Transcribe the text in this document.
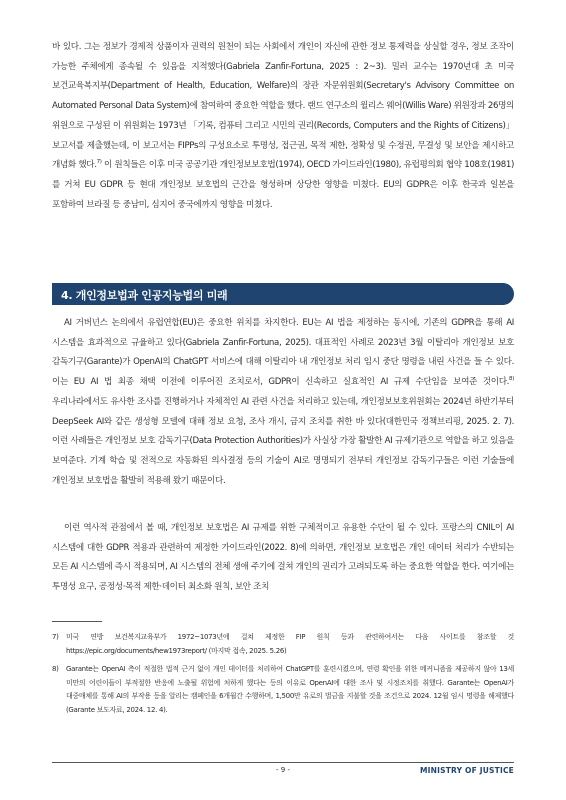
바 있다. 그는 정보가 경제적 상품이자 권력의 원천이 되는 사회에서 개인이 자신에 관한 정보 통제력을 상실할 경우, 정보 조작이 가능한 주체에게 종속될 수 있음을 지적했다(Gabriela Zanfir-Fortuna, 2025 : 2~3). 밀러 교수는 1970년대 초 미국 보건교육복지부(Department of Health, Education, Welfare)의 장관 자문위원회(Secretary's Advisory Committee on Automated Personal Data System)에 참여하여 중요한 역할을 했다. 랜드 연구소의 윌리스 웨어(Willis Ware) 위원장과 26명의 위원으로 구성된 이 위원회는 1973년 「기록, 컴퓨터 그리고 시민의 권리(Records, Computers and the Rights of Citizens)」 보고서를 제출했는데, 이 보고서는 FIPPs의 구성요소로 투명성, 접근권, 목적 제한, 정확성 및 수정권, 무결성 및 보안을 제시하고 개념화 했다.$^{7)}$ 이 원칙들은 이후 미국 공공기관 개인정보보호법(1974), OECD 가이드라인(1980), 유럽평의회 협약 108호(1981)를 거쳐 EU GDPR 등 현대 개인정보 보호법의 근간을 형성하며 상당한 영향을 미쳤다. EU의 GDPR은 이후 한국과 일본을 포함하여 브라질 등 중남미, 심지어 중국에까지 영향을 미쳤다.

4. 개인정보법과 인공지능법의 미래

AI 거버넌스 논의에서 유럽연합(EU)은 중요한 위치를 차지한다. EU는 AI 법을 제정하는 동시에, 기존의 GDPR을 통해 AI 시스템을 효과적으로 규율하고 있다(Gabriela Zanfir-Fortuna, 2025). 대표적인 사례로 2023년 3월 이탈리아 개인정보 보호 감독기구(Garante)가 OpenAI의 ChatGPT 서비스에 대해 이탈리아 내 개인정보 처리 임시 중단 명령을 내린 사건을 들 수 있다. 이는 EU AI 법 최종 채택 이전에 이루어진 조치로서, GDPR이 신속하고 실효적인 AI 규제 수단임을 보여준 것이다.$^{8)}$ 우리나라에서도 유사한 조사를 진행하거나 자체적인 AI 관련 사건을 처리하고 있는데, 개인정보보호위원회는 2024년 하반기부터 DeepSeek AI와 같은 생성형 모델에 대해 정보 요청, 조사 개시, 금지 조치를 취한 바 있다(대한민국 정책브리핑, 2025. 2. 7). 이런 사례들은 개인정보 보호 감독기구(Data Protection Authorities)가 사실상 가장 활발한 AI 규제기관으로 역할을 하고 있음을 보여준다. 기계 학습 및 전적으로 자동화된 의사결정 등의 기술이 AI로 명명되기 전부터 개인정보 감독기구들은 이런 기술들에 개인정보 보호법을 활발히 적용해 왔기 때문이다.

이런 역사적 관점에서 볼 때, 개인정보 보호법은 AI 규제를 위한 구체적이고 유용한 수단이 될 수 있다. 프랑스의 CNIL이 AI 시스템에 대한 GDPR 적용과 관련하여 제정한 가이드라인(2022. 8)에 의하면, 개인정보 보호법은 개인 데이터 처리가 수반되는 모든 AI 시스템에 즉시 적용되며, AI 시스템의 전체 생애 주기에 걸쳐 개인의 권리가 고려되도록 하는 중요한 역할을 한다. 여기에는 투명성 요구, 공정성·목적 제한·데이터 최소화 원칙, 보안 조치

7)	미국 연방 보건복지교육부가 1972~1073년에 걸쳐 제정한 FIP 원칙 등과 관련하여서는 다음 사이트를 참조할 것 https://epic.org/documents/hew1973report/ (마지막 접속, 2025. 5.26)
8)	Garante는 OpenAI 측이 적절한 법적 근거 없이 개인 데이터를 처리하여 ChatGPT를 훈련시켰으며, 연령 확인을 위한 메커니즘을 제공하지 않아 13세 미만의 어린이들이 부적절한 반응에 노출될 위험에 처하게 했다는 등의 이유로 OpenAI에 대한 조사 및 시정조치를 취했다. Garante는 OpenAI가 대중매체를 통해 AI의 부작용 등을 알리는 캠페인을 6개월간 수행하며, 1,500만 유로의 벌금을 지불할 것을 조건으로 2024. 12월 임시 명령을 해제했다(Garante 보도자료, 2024. 12. 4).
- 9 -	MINISTRY OF JUSTICE
